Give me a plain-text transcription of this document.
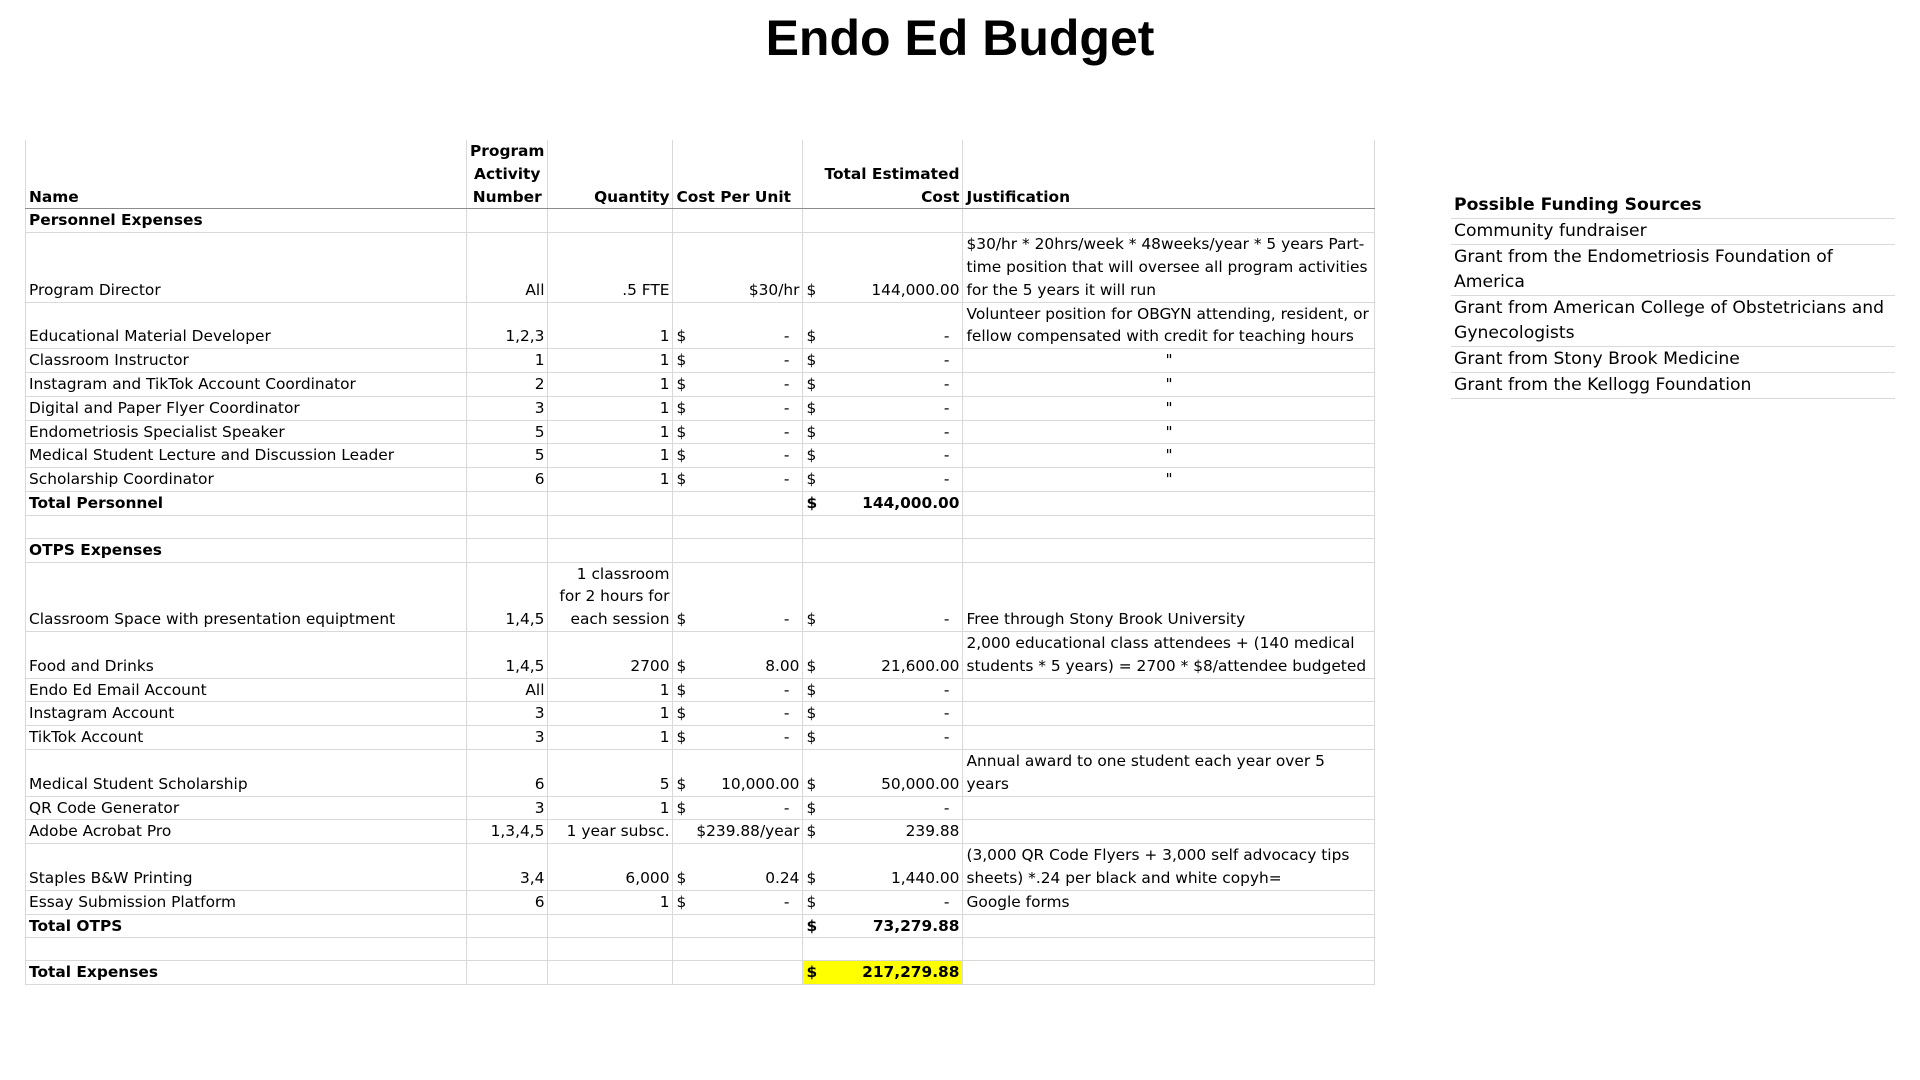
Endo Ed Budget
Name	Program Activity Number	Quantity	Cost Per Unit	Total Estimated Cost	Justification
Personnel Expenses					
Program Director	All	.5 FTE	$30/hr	$ 144,000.00	$30/hr * 20hrs/week * 48weeks/year * 5 years Part-time position that will oversee all program activities for the 5 years it will run
Educational Material Developer	1,2,3	1	$ -	$ -	Volunteer position for OBGYN attending, resident, or fellow compensated with credit for teaching hours
Classroom Instructor	1	1	$ -	$ -	"
Instagram and TikTok Account Coordinator	2	1	$ -	$ -	"
Digital and Paper Flyer Coordinator	3	1	$ -	$ -	"
Endometriosis Specialist Speaker	5	1	$ -	$ -	"
Medical Student Lecture and Discussion Leader	5	1	$ -	$ -	"
Scholarship Coordinator	6	1	$ -	$ -	"
Total Personnel				$ 144,000.00	

OTPS Expenses					
Classroom Space with presentation equiptment	1,4,5	1 classroom for 2 hours for each session	$ -	$ -	Free through Stony Brook University
Food and Drinks	1,4,5	2700	$ 8.00	$ 21,600.00	2,000 educational class attendees + (140 medical students * 5 years) = 2700 * $8/attendee budgeted
Endo Ed Email Account	All	1	$ -	$ -	

Instagram Account	3	1	$ -	$ -	

TikTok Account	3	1	$ -	$ -	

Medical Student Scholarship	6	5	$ 10,000.00	$ 50,000.00	Annual award to one student each year over 5 years
QR Code Generator	3	1	$ -	$ -	

Adobe Acrobat Pro	1,3,4,5	1 year subsc.	$239.88/year	$ 239.88	

Staples B&W Printing	3,4	6,000	$ 0.24	$ 1,440.00	(3,000 QR Code Flyers + 3,000 self advocacy tips sheets) *.24 per black and white copyh=
Essay Submission Platform	6	1	$ -	$ -	Google forms
Total OTPS				$ 73,279.88	

Total Expenses				$ 217,279.88	

Possible Funding Sources
Community fundraiser
Grant from the Endometriosis Foundation of America
Grant from American College of Obstetricians and Gynecologists
Grant from Stony Brook Medicine
Grant from the Kellogg Foundation
